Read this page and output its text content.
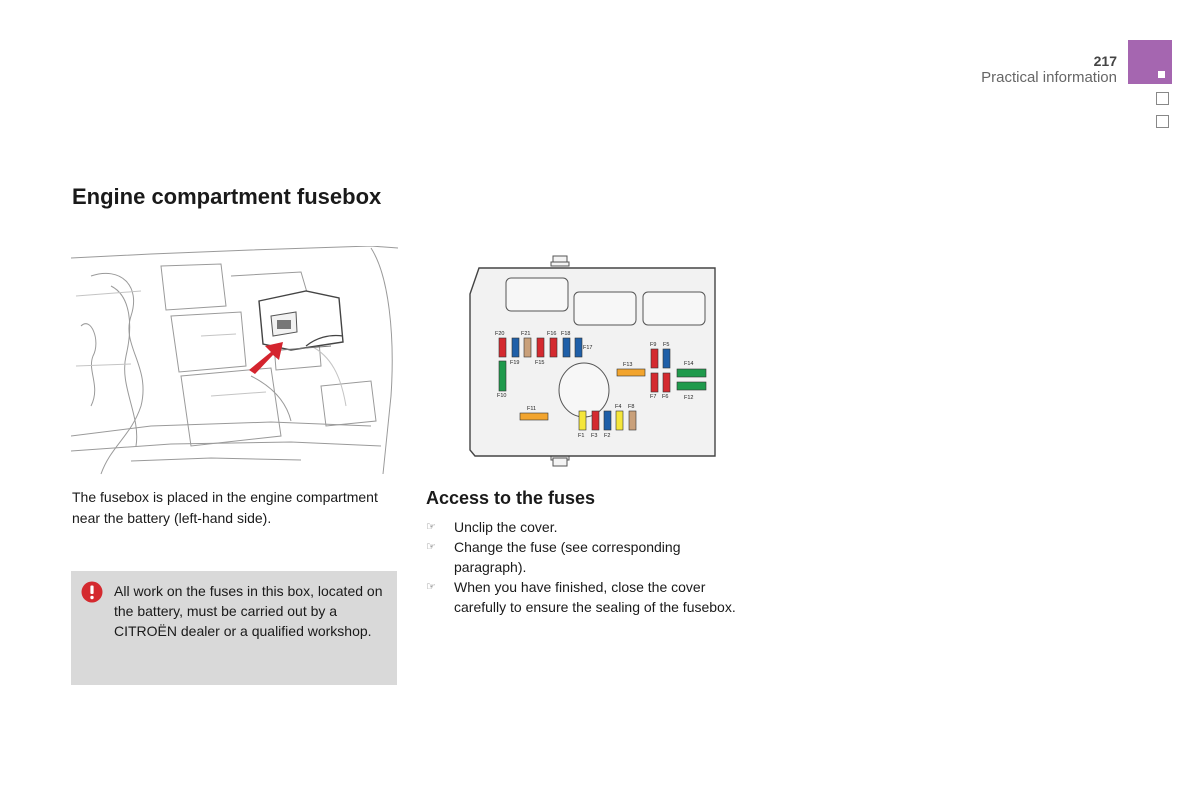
217
Practical information
Engine compartment fusebox
The fusebox is placed in the engine compartment near the battery (left-hand side).
All work on the fuses in this box, located on the battery, must be carried out by a CITROËN dealer or a qualified workshop.
F20	F21	F16 F18
F19	F15
F17
F10
F11
F13
F9 F5
F7 F6
F14
F12
F4 F8
F1 F3 F2
Access to the fuses
☞ Unclip the cover.
☞ Change the fuse (see corresponding paragraph).
☞ When you have finished, close the cover carefully to ensure the sealing of the fusebox.
